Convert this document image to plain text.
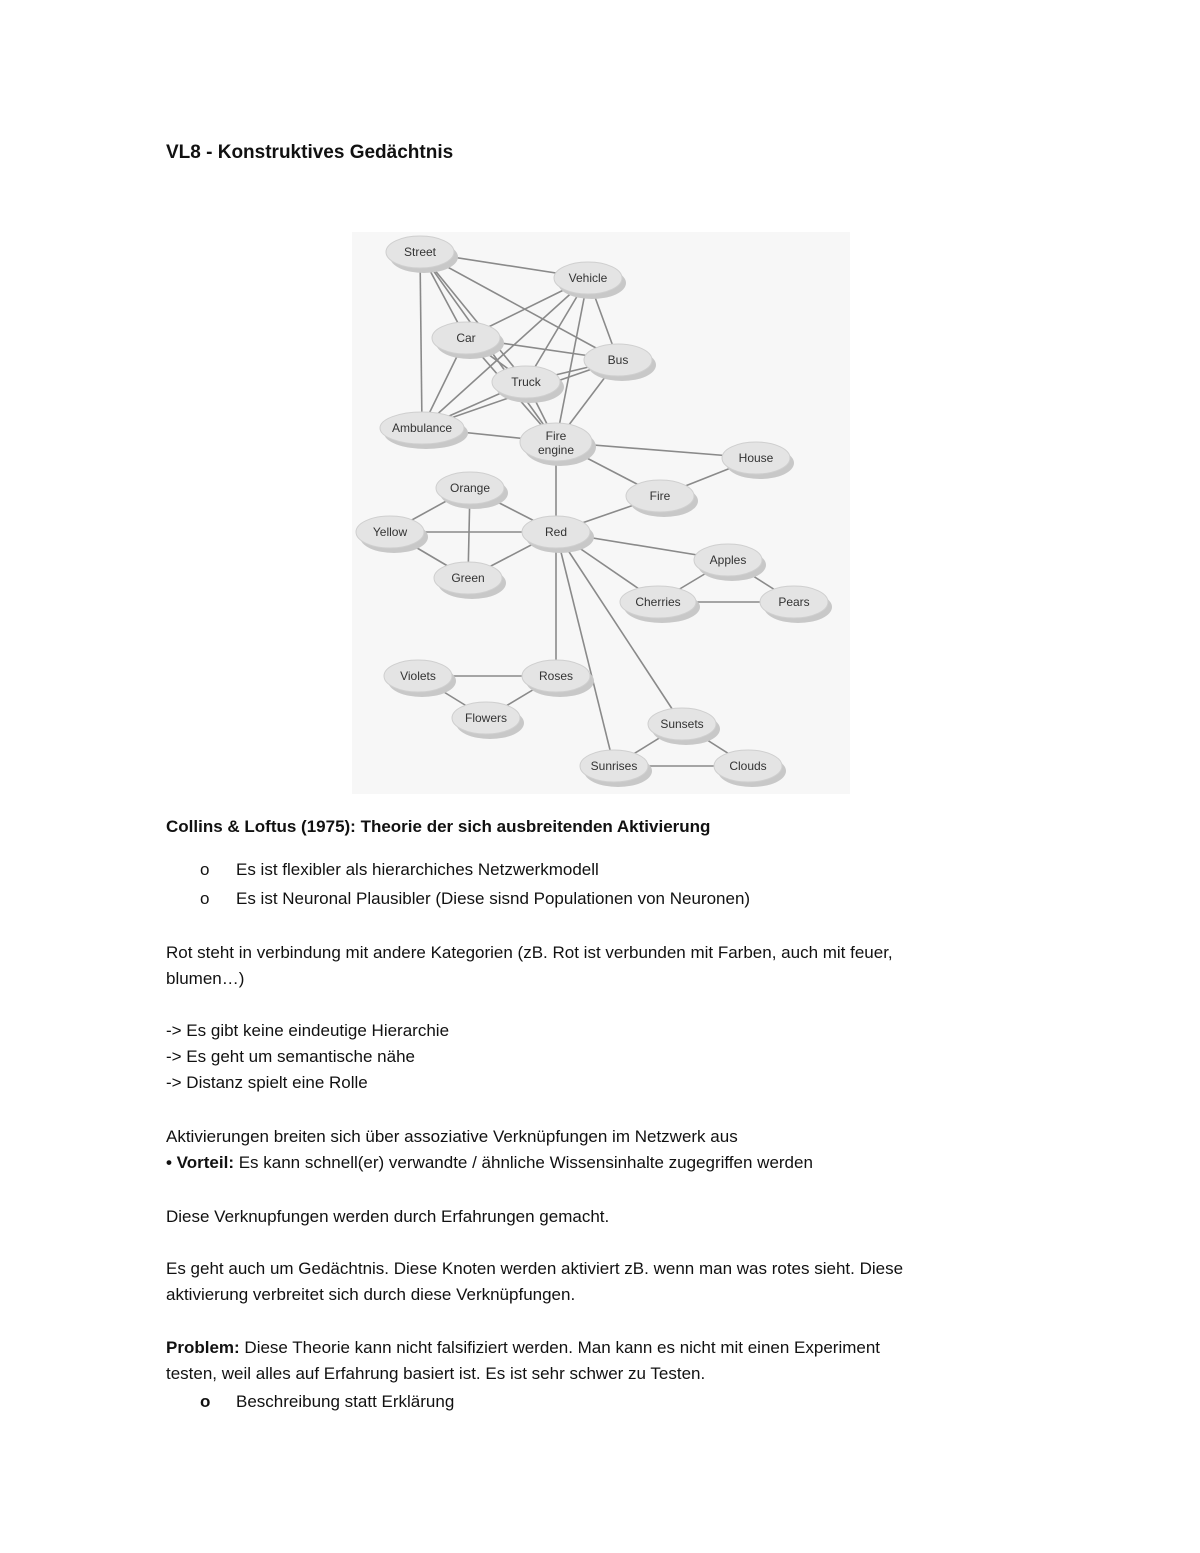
VL8 - Konstruktives Gedächtnis
Street
Vehicle
Car
Bus
Truck
Ambulance
Fire
engine
House
Fire
Orange
Yellow	Red
Green
Apples
Cherries	Pears
Violets	Roses
Flowers	Sunsets
Sunrises	Clouds
Collins & Loftus (1975): Theorie der sich ausbreitenden Aktivierung
o Es ist flexibler als hierarchiches Netzwerkmodell
o Es ist Neuronal Plausibler (Diese sisnd Populationen von Neuronen)
Rot steht in verbindung mit andere Kategorien (zB. Rot ist verbunden mit Farben, auch mit feuer,
blumen…)
-> Es gibt keine eindeutige Hierarchie
-> Es geht um semantische nähe
-> Distanz spielt eine Rolle
Aktivierungen breiten sich über assoziative Verknüpfungen im Netzwerk aus
• Vorteil: Es kann schnell(er) verwandte / ähnliche Wissensinhalte zugegriffen werden
Diese Verknupfungen werden durch Erfahrungen gemacht.
Es geht auch um Gedächtnis. Diese Knoten werden aktiviert zB. wenn man was rotes sieht. Diese
aktivierung verbreitet sich durch diese Verknüpfungen.
Problem: Diese Theorie kann nicht falsifiziert werden. Man kann es nicht mit einen Experiment
testen, weil alles auf Erfahrung basiert ist. Es ist sehr schwer zu Testen.
o Beschreibung statt Erklärung
